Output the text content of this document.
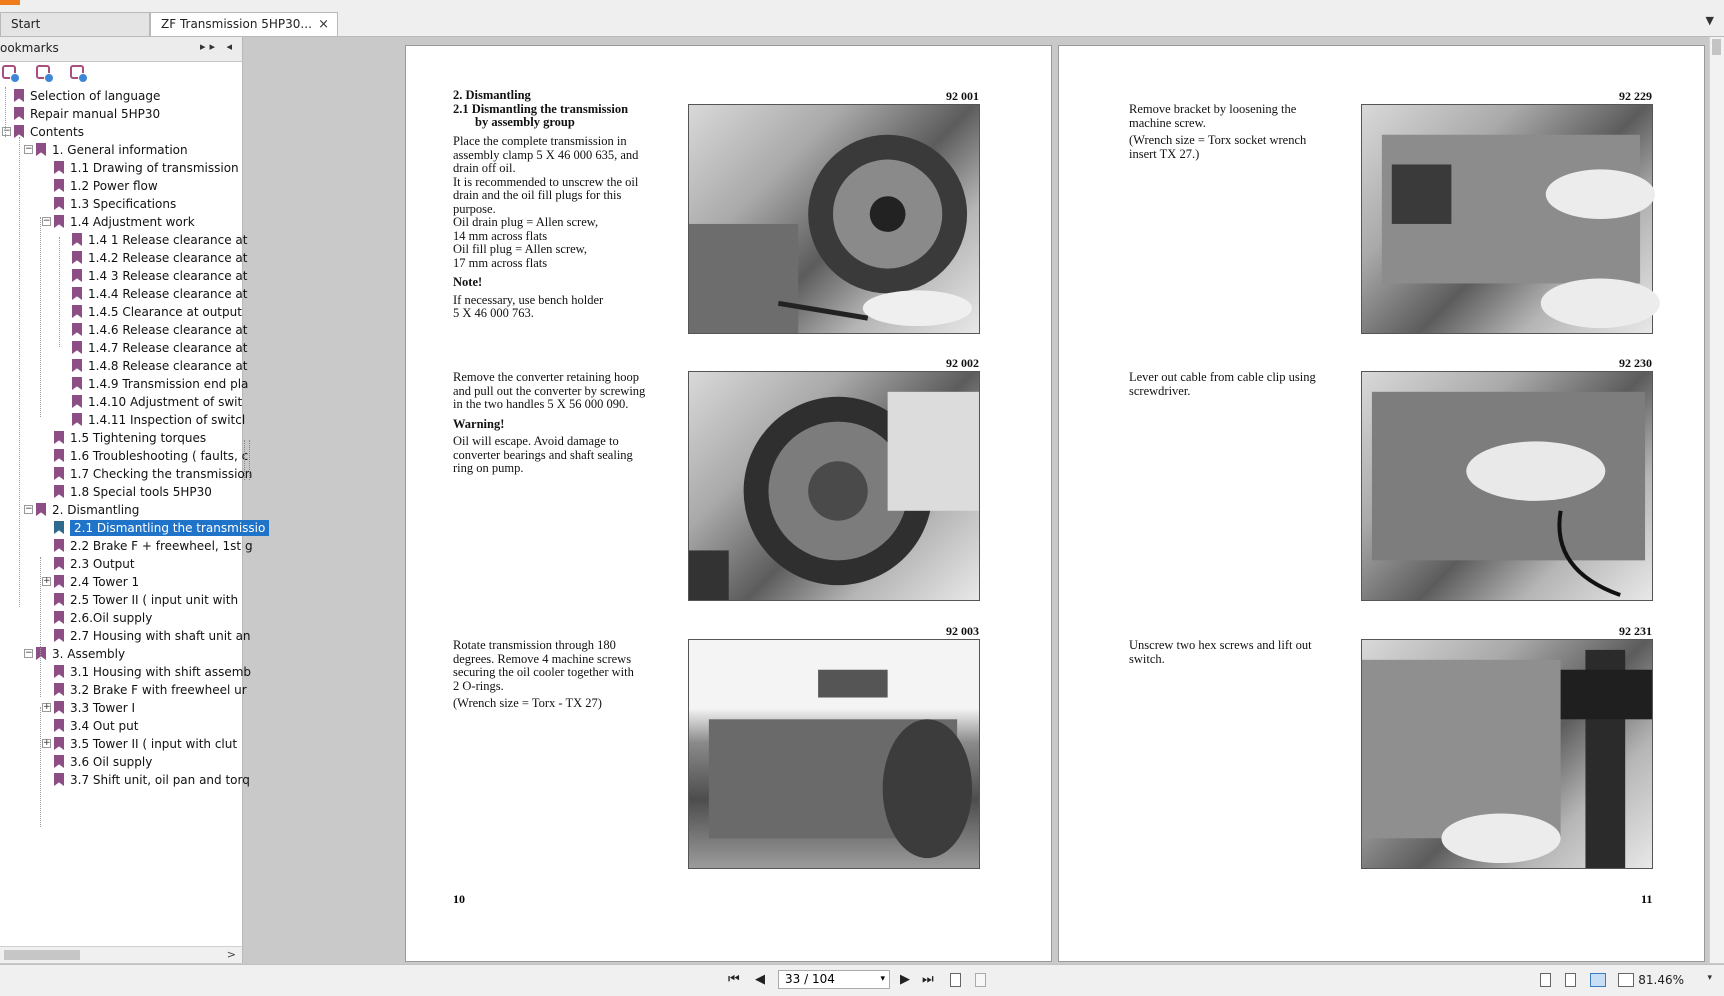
Start	ZF Transmission 5HP30... ×	▼
ookmarks	▸▸ ◂
Selection of language
Repair manual 5HP30
− Contents
− 1. General information
1.1 Drawing of transmission
1.2 Power flow
1.3 Specifications
− 1.4 Adjustment work
1.4 1 Release clearance at
1.4.2 Release clearance at
1.4 3 Release clearance at
1.4.4 Release clearance at
1.4.5 Clearance at output
1.4.6 Release clearance at
1.4.7 Release clearance at
1.4.8 Release clearance at
1.4.9 Transmission end pla
1.4.10 Adjustment of swit
1.4.11 Inspection of switcl
1.5 Tightening torques
1.6 Troubleshooting ( faults, c
1.7 Checking the transmission
1.8 Special tools 5HP30
− 2. Dismantling
2.1 Dismantling the transmissio
2.2 Brake F + freewheel, 1st g
2.3 Output
+ 2.4 Tower 1
2.5 Tower II ( input unit with
2.6.Oil supply
2.7 Housing with shaft unit an
− 3. Assembly
3.1 Housing with shift assemb
3.2 Brake F with freewheel ur
+ 3.3 Tower I
3.4 Out put
+ 3.5 Tower II ( input with clut
3.6 Oil supply
3.7 Shift unit, oil pan and torq
>

2. Dismantling

2.1 Dismantling the transmission

by assembly group

Place the complete transmission in

assembly clamp 5 X 46 000 635, and

drain off oil.

It is recommended to unscrew the oil

drain and the oil fill plugs for this

purpose.

Oil drain plug = Allen screw,

14 mm across flats

Oil fill plug = Allen screw,

17 mm across flats

Note!

If necessary, use bench holder

5 X 46 000 763.

92 001

Remove the converter retaining hoop

and pull out the converter by screwing

in the two handles 5 X 56 000 090.

Warning!

Oil will escape. Avoid damage to

converter bearings and shaft sealing

ring on pump.

92 002

Rotate transmission through 180

degrees. Remove 4 machine screws

securing the oil cooler together with

2 O-rings.

(Wrench size = Torx - TX 27)

92 003
10

Remove bracket by loosening the

machine screw.

(Wrench size = Torx socket wrench

insert TX 27.)

92 229

Lever out cable from cable clip using

screwdriver.

92 230

Unscrew two hex screws and lift out

switch.

92 231
11
⏮ ◀	33 / 104	▾ ▶ ⏭	81.46%	▾
